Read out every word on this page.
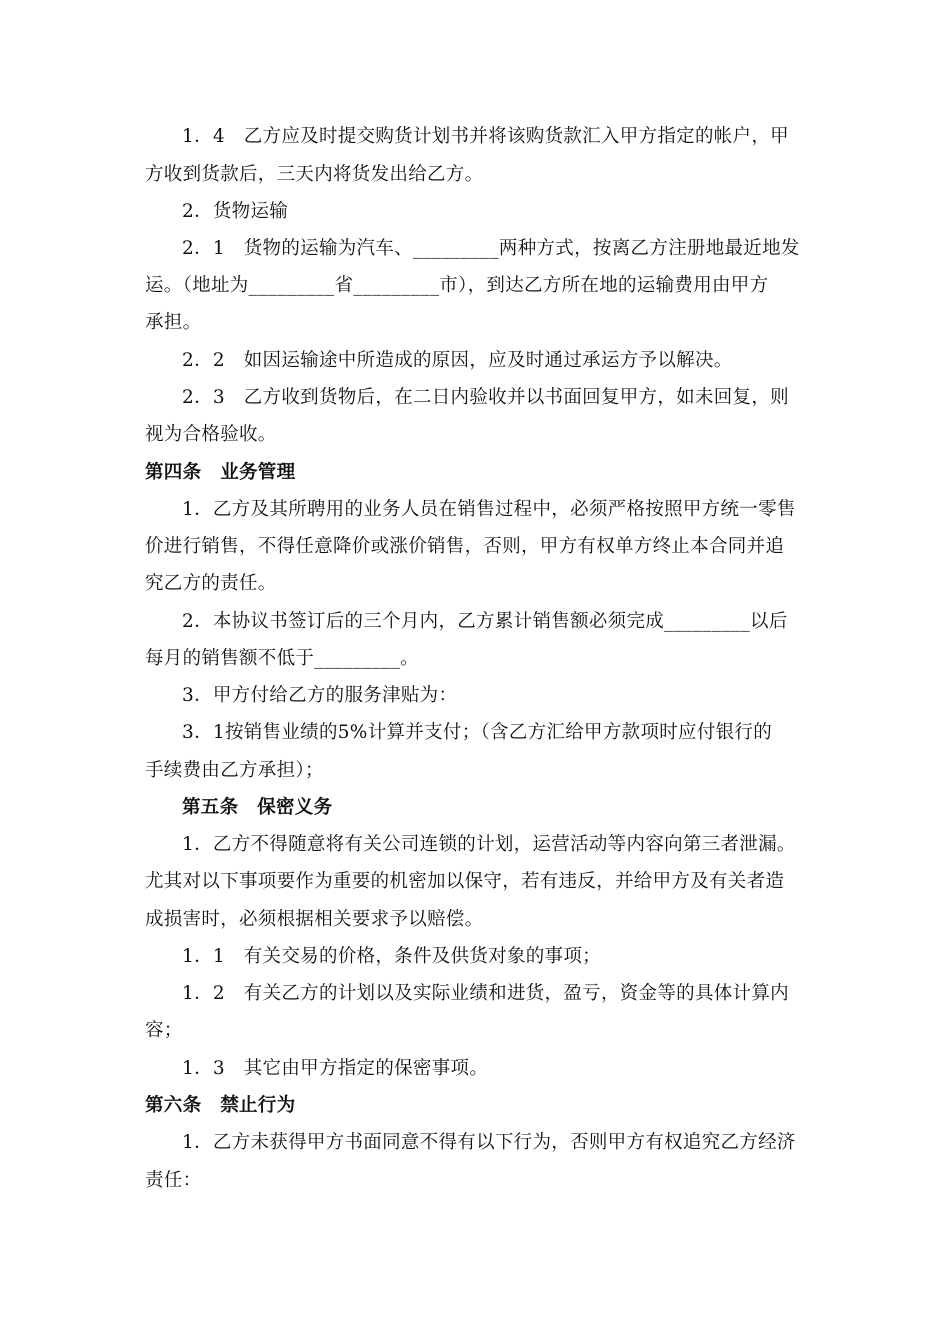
1．4　乙方应及时提交购货计划书并将该购货款汇入甲方指定的帐户，甲
方收到货款后，三天内将货发出给乙方。
2．货物运输
2．1　货物的运输为汽车、_________两种方式，按离乙方注册地最近地发
运。（地址为_________省_________市），到达乙方所在地的运输费用由甲方
承担。
2．2　如因运输途中所造成的原因，应及时通过承运方予以解决。
2．3　乙方收到货物后，在二日内验收并以书面回复甲方，如未回复，则
视为合格验收。
第四条　业务管理
1．乙方及其所聘用的业务人员在销售过程中，必须严格按照甲方统一零售
价进行销售，不得任意降价或涨价销售，否则，甲方有权单方终止本合同并追
究乙方的责任。
2．本协议书签订后的三个月内，乙方累计销售额必须完成_________以后
每月的销售额不低于_________。
3．甲方付给乙方的服务津贴为：
3．1按销售业绩的5%计算并支付；（含乙方汇给甲方款项时应付银行的
手续费由乙方承担）；
第五条　保密义务
1．乙方不得随意将有关公司连锁的计划，运营活动等内容向第三者泄漏。
尤其对以下事项要作为重要的机密加以保守，若有违反，并给甲方及有关者造
成损害时，必须根据相关要求予以赔偿。
1．1　有关交易的价格，条件及供货对象的事项；
1．2　有关乙方的计划以及实际业绩和进货，盈亏，资金等的具体计算内
容；
1．3　其它由甲方指定的保密事项。
第六条　禁止行为
1．乙方未获得甲方书面同意不得有以下行为，否则甲方有权追究乙方经济
责任：
